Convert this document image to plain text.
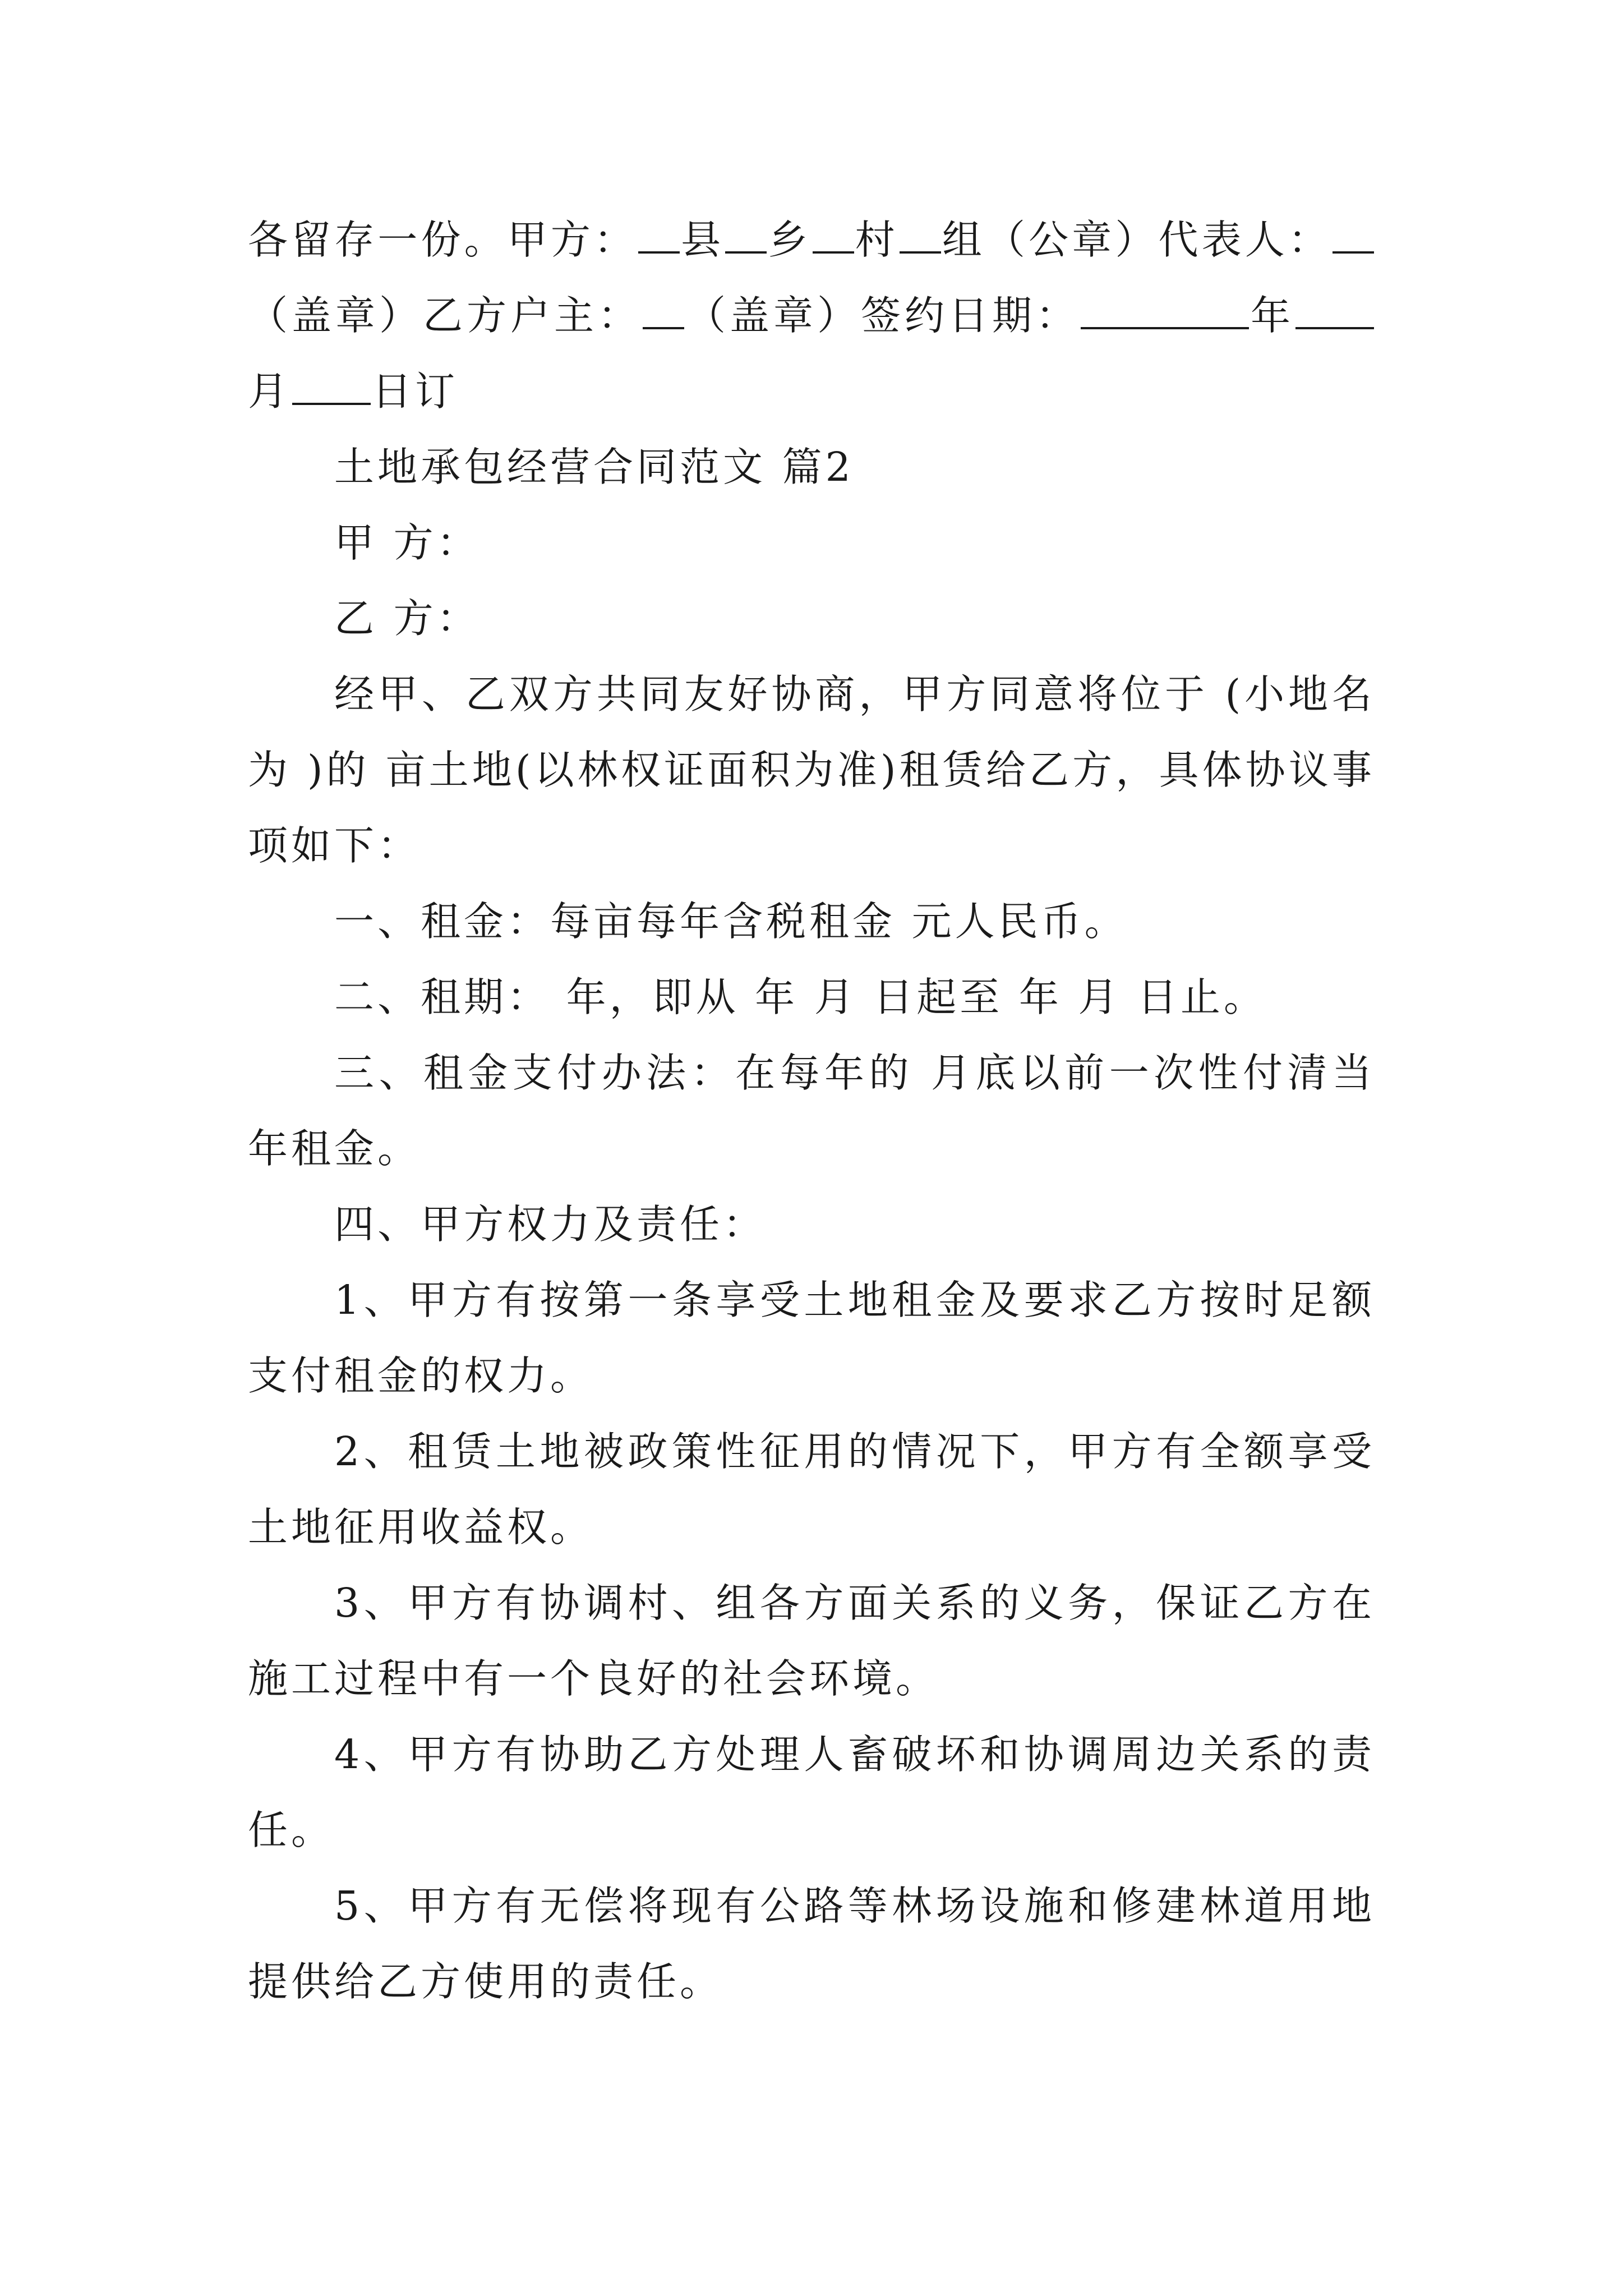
各留存一份。甲方： 县 乡 村 组（公章）代表人：（盖章）乙方户主： （盖章）签约日期：	年月 日订

土地承包经营合同范文 篇2

甲 方：

乙 方：

经甲、乙双方共同友好协商，甲方同意将位于 (小地名为 )的 亩土地(以林权证面积为准)租赁给乙方，具体协议事项如下：

一、租金：每亩每年含税租金 元人民币。

二、租期： 年，即从 年 月 日起至 年 月 日止。

三、租金支付办法：在每年的 月底以前一次性付清当年租金。

四、甲方权力及责任：

1、甲方有按第一条享受土地租金及要求乙方按时足额支付租金的权力。

2、租赁土地被政策性征用的情况下，甲方有全额享受土地征用收益权。

3、甲方有协调村、组各方面关系的义务，保证乙方在施工过程中有一个良好的社会环境。

4、甲方有协助乙方处理人畜破坏和协调周边关系的责任。

5、甲方有无偿将现有公路等林场设施和修建林道用地提供给乙方使用的责任。
